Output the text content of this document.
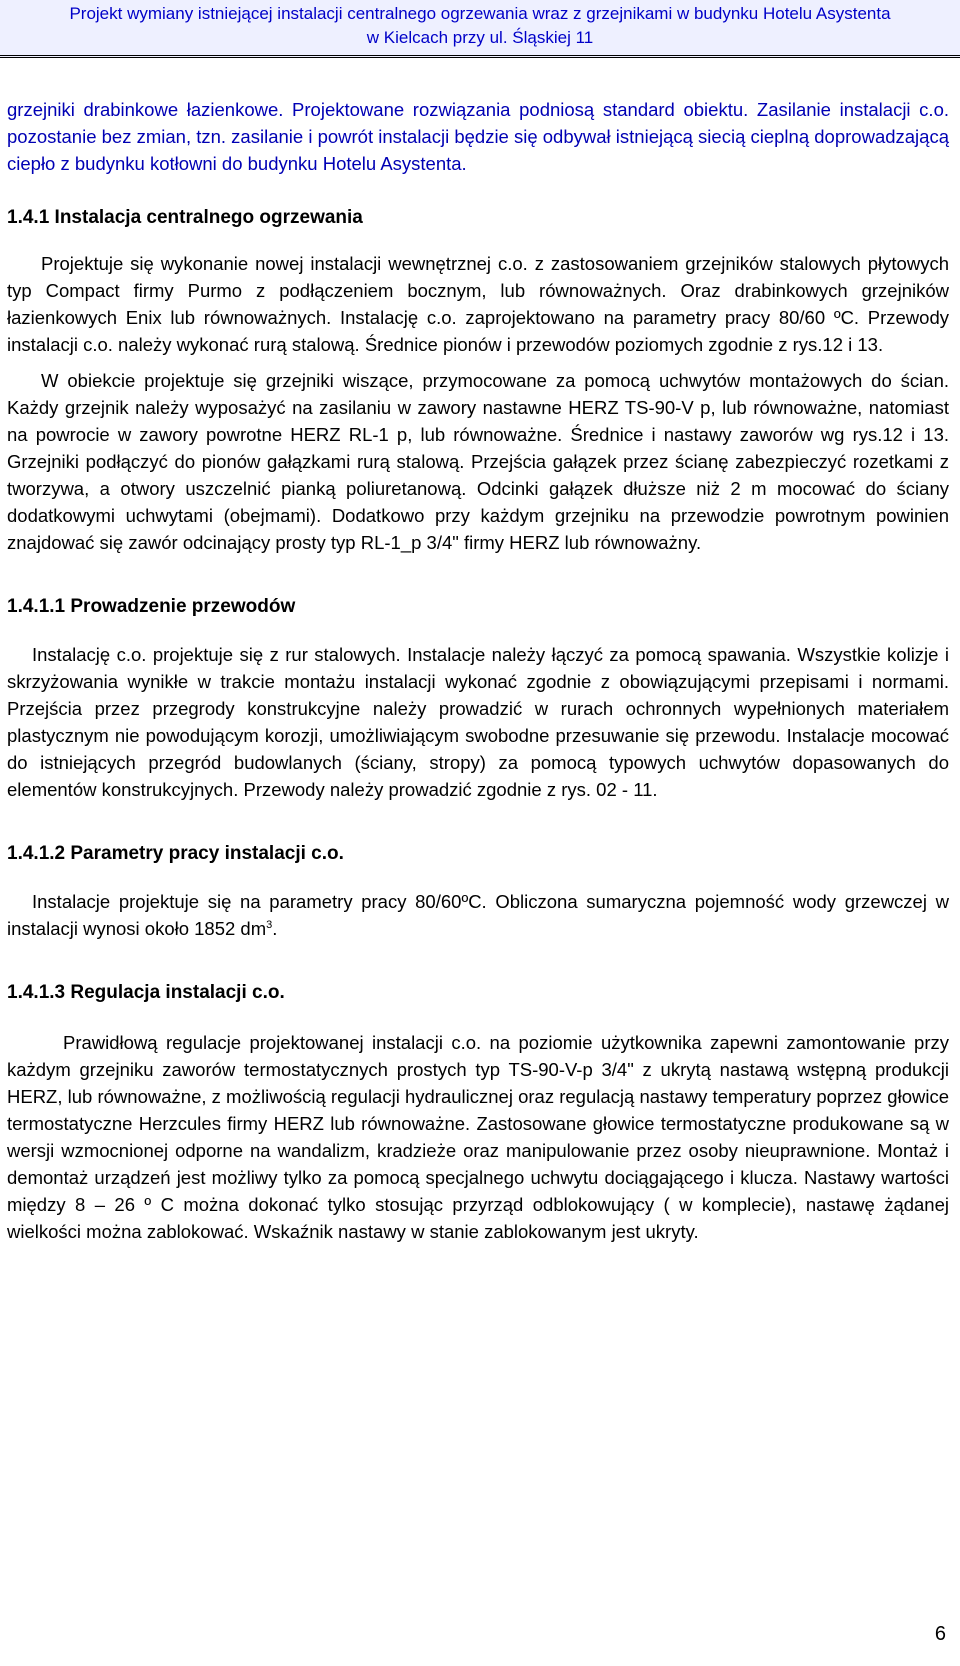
Projekt wymiany istniejącej instalacji centralnego ogrzewania wraz z grzejnikami w budynku Hotelu Asystenta
w Kielcach przy ul. Śląskiej 11

grzejniki drabinkowe łazienkowe. Projektowane rozwiązania podniosą standard obiektu. Zasilanie instalacji c.o. pozostanie bez zmian, tzn. zasilanie i powrót instalacji będzie się odbywał istniejącą siecią cieplną doprowadzającą ciepło z budynku kotłowni do budynku Hotelu Asystenta.

1.4.1 Instalacja centralnego ogrzewania

Projektuje się wykonanie nowej instalacji wewnętrznej c.o. z zastosowaniem grzejników stalowych płytowych typ Compact firmy Purmo z podłączeniem bocznym, lub równoważnych. Oraz drabinkowych grzejników łazienkowych Enix lub równoważnych. Instalację c.o. zaprojektowano na parametry pracy 80/60 ºC. Przewody instalacji c.o. należy wykonać rurą stalową. Średnice pionów i przewodów poziomych zgodnie z rys.12 i 13.

W obiekcie projektuje się grzejniki wiszące, przymocowane za pomocą uchwytów montażowych do ścian. Każdy grzejnik należy wyposażyć na zasilaniu w zawory nastawne HERZ TS-90-V p, lub równoważne, natomiast na powrocie w zawory powrotne HERZ RL-1 p, lub równoważne. Średnice i nastawy zaworów wg rys.12 i 13. Grzejniki podłączyć do pionów gałązkami rurą stalową. Przejścia gałązek przez ścianę zabezpieczyć rozetkami z tworzywa, a otwory uszczelnić pianką poliuretanową. Odcinki gałązek dłuższe niż 2 m mocować do ściany dodatkowymi uchwytami (obejmami). Dodatkowo przy każdym grzejniku na przewodzie powrotnym powinien znajdować się zawór odcinający prosty typ RL-1_p 3/4" firmy HERZ lub równoważny.

1.4.1.1 Prowadzenie przewodów

Instalację c.o. projektuje się z rur stalowych. Instalacje należy łączyć za pomocą spawania. Wszystkie kolizje i skrzyżowania wynikłe w trakcie montażu instalacji wykonać zgodnie z obowiązującymi przepisami i normami. Przejścia przez przegrody konstrukcyjne należy prowadzić w rurach ochronnych wypełnionych materiałem plastycznym nie powodującym korozji, umożliwiającym swobodne przesuwanie się przewodu. Instalacje mocować do istniejących przegród budowlanych (ściany, stropy) za pomocą typowych uchwytów dopasowanych do elementów konstrukcyjnych. Przewody należy prowadzić zgodnie z rys. 02 - 11.

1.4.1.2 Parametry pracy instalacji c.o.

Instalacje projektuje się na parametry pracy 80/60ºC. Obliczona sumaryczna pojemność wody grzewczej w instalacji wynosi około 1852 $dm^3$.

1.4.1.3 Regulacja instalacji c.o.

Prawidłową regulacje projektowanej instalacji c.o. na poziomie użytkownika zapewni zamontowanie przy każdym grzejniku zaworów termostatycznych prostych typ TS-90-V-p 3/4" z ukrytą nastawą wstępną produkcji HERZ, lub równoważne, z możliwością regulacji hydraulicznej oraz regulacją nastawy temperatury poprzez głowice termostatyczne Herzcules firmy HERZ lub równoważne. Zastosowane głowice termostatyczne produkowane są w wersji wzmocnionej odporne na wandalizm, kradzieże oraz manipulowanie przez osoby nieuprawnione. Montaż i demontaż urządzeń jest możliwy tylko za pomocą specjalnego uchwytu dociągającego i klucza. Nastawy wartości między 8 – 26 º C można dokonać tylko stosując przyrząd odblokowujący ( w komplecie), nastawę żądanej wielkości można zablokować. Wskaźnik nastawy w stanie zablokowanym jest ukryty.

6
